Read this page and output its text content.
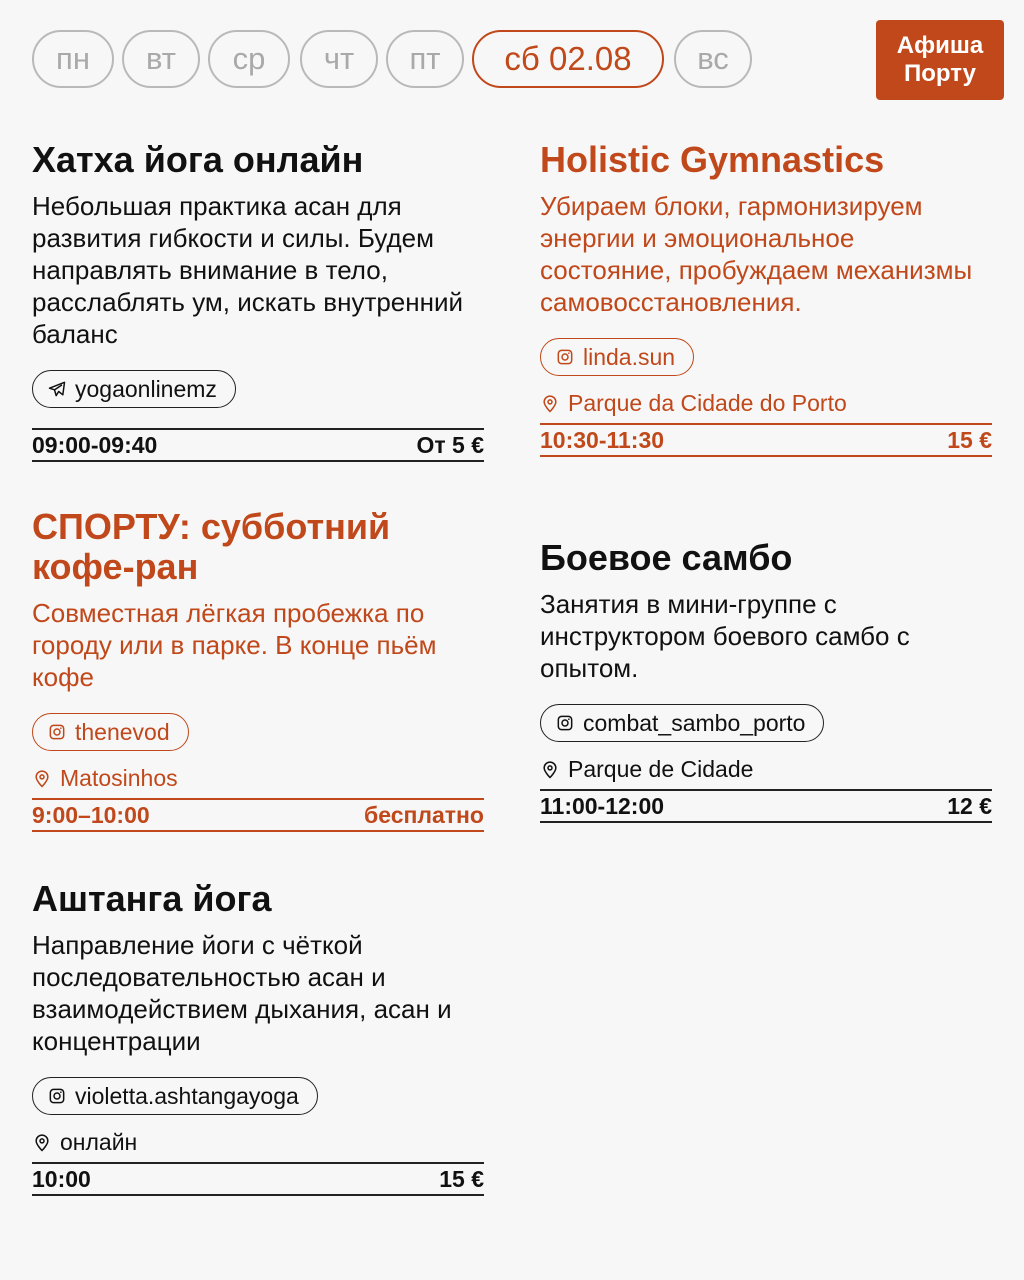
пн	вт	ср	чт	пт	сб 02.08	вс	Афиша
Порту
Хатха йога онлайн

Небольшая практика асан для развития гибкости и силы. Будем направлять внимание в тело, расслаблять ум, искать внутренний баланс

yogaonlinemz
09:00-09:40	От 5 €
СПОРТУ: субботний кофе-ран

Совместная лёгкая пробежка по городу или в парке. В конце пьём кофе

thenevod
Matosinhos
9:00–10:00	бесплатно
Аштанга йога

Направление йоги с чёткой последовательностью асан и взаимодействием дыхания, асан и концентрации

violetta.ashtangayoga
онлайн
10:00	15 €
Holistic Gymnastics

Убираем блоки, гармонизируем энергии и эмоциональное состояние, пробуждаем механизмы самовосстановления.

linda.sun
Parque da Cidade do Porto
10:30-11:30	15 €
Боевое самбо

Занятия в мини-группе с инструктором боевого самбо с опытом.

combat_sambo_porto
Parque de Cidade
11:00-12:00	12 €
